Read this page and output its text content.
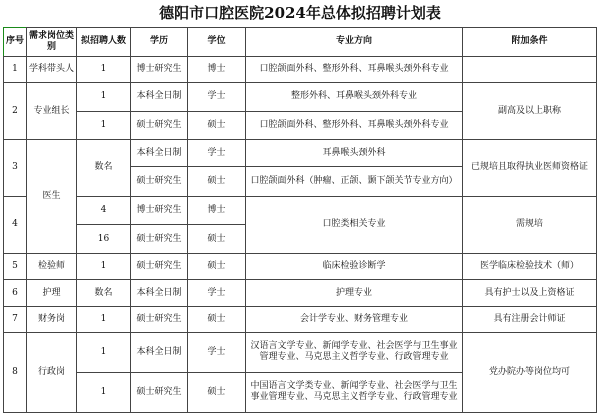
德阳市口腔医院2024年总体拟招聘计划表
序号	需求岗位类别	拟招聘人数	学历	学位	专业方向	附加条件
1	学科带头人	1	博士研究生	博士	口腔颌面外科、整形外科、耳鼻喉头颈外科专业	
2	专业组长	1	本科全日制	学士	整形外科、耳鼻喉头颈外科专业	副高及以上职称
		1	硕士研究生	硕士	口腔颌面外科、整形外科、耳鼻喉头颈外科专业	
3	医生	数名	本科全日制	学士	耳鼻喉头颈外科	已规培且取得执业医师资格证
			硕士研究生	硕士	口腔颌面外科（肿瘤、正颌、颞下颌关节专业方向）	
4		4	博士研究生	博士	口腔类相关专业	需规培
		16	硕士研究生	硕士		
5	检验师	1	硕士研究生	硕士	临床检验诊断学	医学临床检验技术（师）
6	护理	数名	本科全日制	学士	护理专业	具有护士以及上资格证
7	财务岗	1	硕士研究生	硕士	会计学专业、财务管理专业	具有注册会计师证
8	行政岗	1	本科全日制	学士	汉语言文学专业、新闻学专业、社会医学与卫生事业管理专业、马克思主义哲学专业、行政管理专业	党办院办等岗位均可
		1	硕士研究生	硕士	中国语言文学类专业、新闻学专业、社会医学与卫生事业管理专业、马克思主义哲学专业、行政管理专业	
